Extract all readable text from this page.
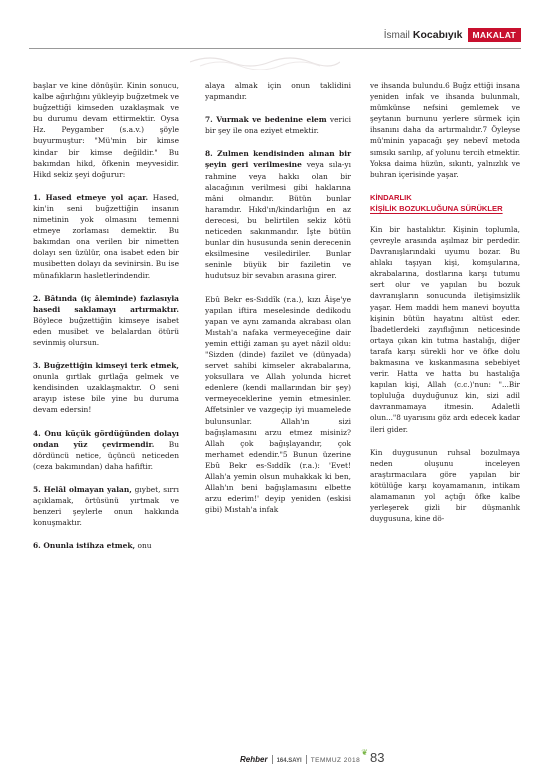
İsmail Kocabıyık	MAKALAT

başlar ve kine dönüşür. Kinin sonucu, kalbe ağırlığını yükleyip buğzetmek ve buğzettiği kimseden uzaklaşmak ve bu durumu devam ettirmektir. Oysa Hz. Peygamber (s.a.v.) şöyle buyurmuştur: "Mü'min bir kimse kindar bir kimse değildir." Bu bakımdan hikd, öfkenin meyvesidir. Hikd sekiz şeyi doğurur:

1. Hased etmeye yol açar. Hased, kin'in seni buğzettiğin insanın nimetinin yok olmasını temenni etmeye zorlaması demektir. Bu bakımdan ona verilen bir nimetten dolayı sen üzülür, ona isabet eden bir musibetten dolayı da sevinirsin. Bu ise münafıkların hasletlerindendir.

2. Bâtında (iç âleminde) fazlasıyla hasedi saklamayı artırmaktır. Böylece buğzettiğin kimseye isabet eden musibet ve belalardan ötürü sevinmiş olursun.

3. Buğzettiğin kimseyi terk etmek, onunla gırtlak gırtlağa gelmek ve kendisinden uzaklaşmaktır. O seni arayıp istese bile yine bu duruma devam edersin!

4. Onu küçük gördüğünden dolayı ondan yüz çevirmendir. Bu dördüncü netice, üçüncü neticeden (ceza bakımından) daha hafiftir.

5. Helâl olmayan yalan, gıybet, sırrı açıklamak, örtüsünü yırtmak ve benzeri şeylerle onun hakkında konuşmaktır.

6. Onunla istihza etmek, onu

alaya almak için onun taklidini yapmandır.

7. Vurmak ve bedenine elem verici bir şey ile ona eziyet etmektir.

8. Zulmen kendisinden alınan bir şeyin geri verilmesine veya sıla-yı rahmine veya hakkı olan bir alacağının verilmesi gibi haklarına mâni olmandır. Bütün bunlar haramdır. Hıkd'ın/kindarlığın en az derecesi, bu belirtilen sekiz kötü neticeden sakınmandır. İşte bütün bunlar din hususunda senin derecenin eksilmesine vesilediriler. Bunlar seninle büyük bir faziletin ve hudutsuz bir sevabın arasına girer.

Ebû Bekr es-Sıddîk (r.a.), kızı Âişe'ye yapılan iftira meselesinde dedikodu yapan ve aynı zamanda akrabası olan Mıstah'a nafaka vermeyeceğine dair yemin ettiği zaman şu ayet nâzil oldu: "Sizden (dinde) fazilet ve (dünyada) servet sahibi kimseler akrabalarına, yoksullara ve Allah yolunda hicret edenlere (kendi mallarından bir şey) vermeyeceklerine yemin etmesinler. Affetsinler ve vazgeçip iyi muamelede bulunsunlar. Allah'ın sizi bağışlamasını arzu etmez misiniz? Allah çok bağışlayandır, çok merhamet edendir."5 Bunun üzerine Ebû Bekr es-Sıddîk (r.a.): 'Evet! Allah'a yemin olsun muhakkak ki ben, Allah'ın beni bağışlamasını elbette arzu ederim!' deyip yeniden (eskisi gibi) Mıstah'a infak

ve ihsanda bulundu.6 Buğz ettiği insana yeniden infak ve ihsanda bulunmalı, mümkünse nefsini gemlemek ve şeytanın burnunu yerlere sürmek için ihsanını daha da artırmalıdır.7 Öyleyse mü'minin yapacağı şey nebevî metoda sımsıkı sarılıp, af yolunu tercih etmektir. Yoksa daima hüzün, sıkıntı, yalnızlık ve buhran içerisinde yaşar.

KİNDARLIK
KİŞİLİK BOZUKLUĞUNA SÜRÜKLER

Kin bir hastalıktır. Kişinin toplumla, çevreyle arasında aşılmaz bir perdedir. Davranışlarındaki uyumu bozar. Bu ahlakı taşıyan kişi, komşularına, akrabalarına, dostlarına karşı tutumu sert olur ve yapılan bu bozuk davranışların sonucunda iletişimsizlik yaşar. Hem maddi hem manevi boyutta kişinin bütün hayatını altüst eder. İbadetlerdeki zayıflığının neticesinde ortaya çıkan kin tutma hastalığı, diğer tarafa karşı sürekli hor ve öfke dolu bakmasına ve kıskanmasına sebebiyet verir. Hatta ve hatta bu hastalığa kapılan kişi, Allah (c.c.)'nun: "...Bir topluluğa duyduğunuz kin, sizi adil davranmamaya itmesin. Adaletli olun..."8 uyarısını göz ardı edecek kadar ileri gider.

Kin duygusunun ruhsal bozulmaya neden oluşunu inceleyen araştırmacılara göre yapılan bir kötülüğe karşı koyamamanın, intikam alamamanın yol açtığı öfke kalbe yerleşerek gizli bir düşmanlık duygusuna, kine dö-

Rehber 164.SAYI TEMMUZ 2018
❦ 83
